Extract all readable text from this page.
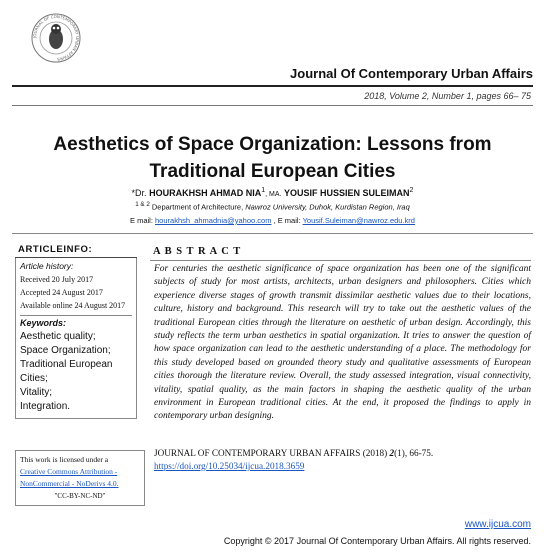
JOURNAL OF CONTEMPORARY URBAN AFFAIRS
Journal Of Contemporary Urban Affairs
2018, Volume 2, Number 1, pages 66– 75
Aesthetics of Space Organization: Lessons from Traditional European Cities
*Dr. HOURAKHSH AHMAD NIA$^1$, MA. YOUSIF HUSSIEN SULEIMAN$^2$
$^{1 \& 2}$ Department of Architecture, Nawroz University, Duhok, Kurdistan Region, Iraq
E mail: hourakhsh_ahmadnia@yahoo.com , E mail: Yousif.Suleiman@nawroz.edu.krd
ARTICLEINFO:
Article history:
Received 20 July 2017
Accepted 24 August 2017
Available online 24 August 2017
Keywords:
Aesthetic quality;
Space Organization;
Traditional European Cities;
Vitality;
Integration.
This work is licensed under a
Creative Commons Attribution - NonCommercial - NoDerivs 4.0.
"CC-BY-NC-ND"
A B S T R A C T
For centuries the aesthetic significance of space organization has been one of the significant subjects of study for most artists, architects, urban designers and philosophers. Cities which experience diverse stages of growth transmit dissimilar aesthetic values due to their locations, culture, history and background. This research will try to take out the aesthetic values of the traditional European cities through the literature on aesthetic of urban design. Accordingly, this study reflects the term urban aesthetics in spatial organization. It tries to answer the question of how space organization can lead to the aesthetic understanding of a place. The methodology for this study developed based on grounded theory study and qualitative assessments of European cities thorough the literature review. Overall, the study assessed integration, visual connectivity, vitality, spatial quality, as the main factors in shaping the aesthetic quality of the urban environment in European traditional cities. At the end, it proposed the findings to apply in contemporary urban designing.
JOURNAL OF CONTEMPORARY URBAN AFFAIRS (2018) 2(1), 66-75.
https://doi.org/10.25034/ijcua.2018.3659
www.ijcua.com
Copyright © 2017 Journal Of Contemporary Urban Affairs. All rights reserved.
